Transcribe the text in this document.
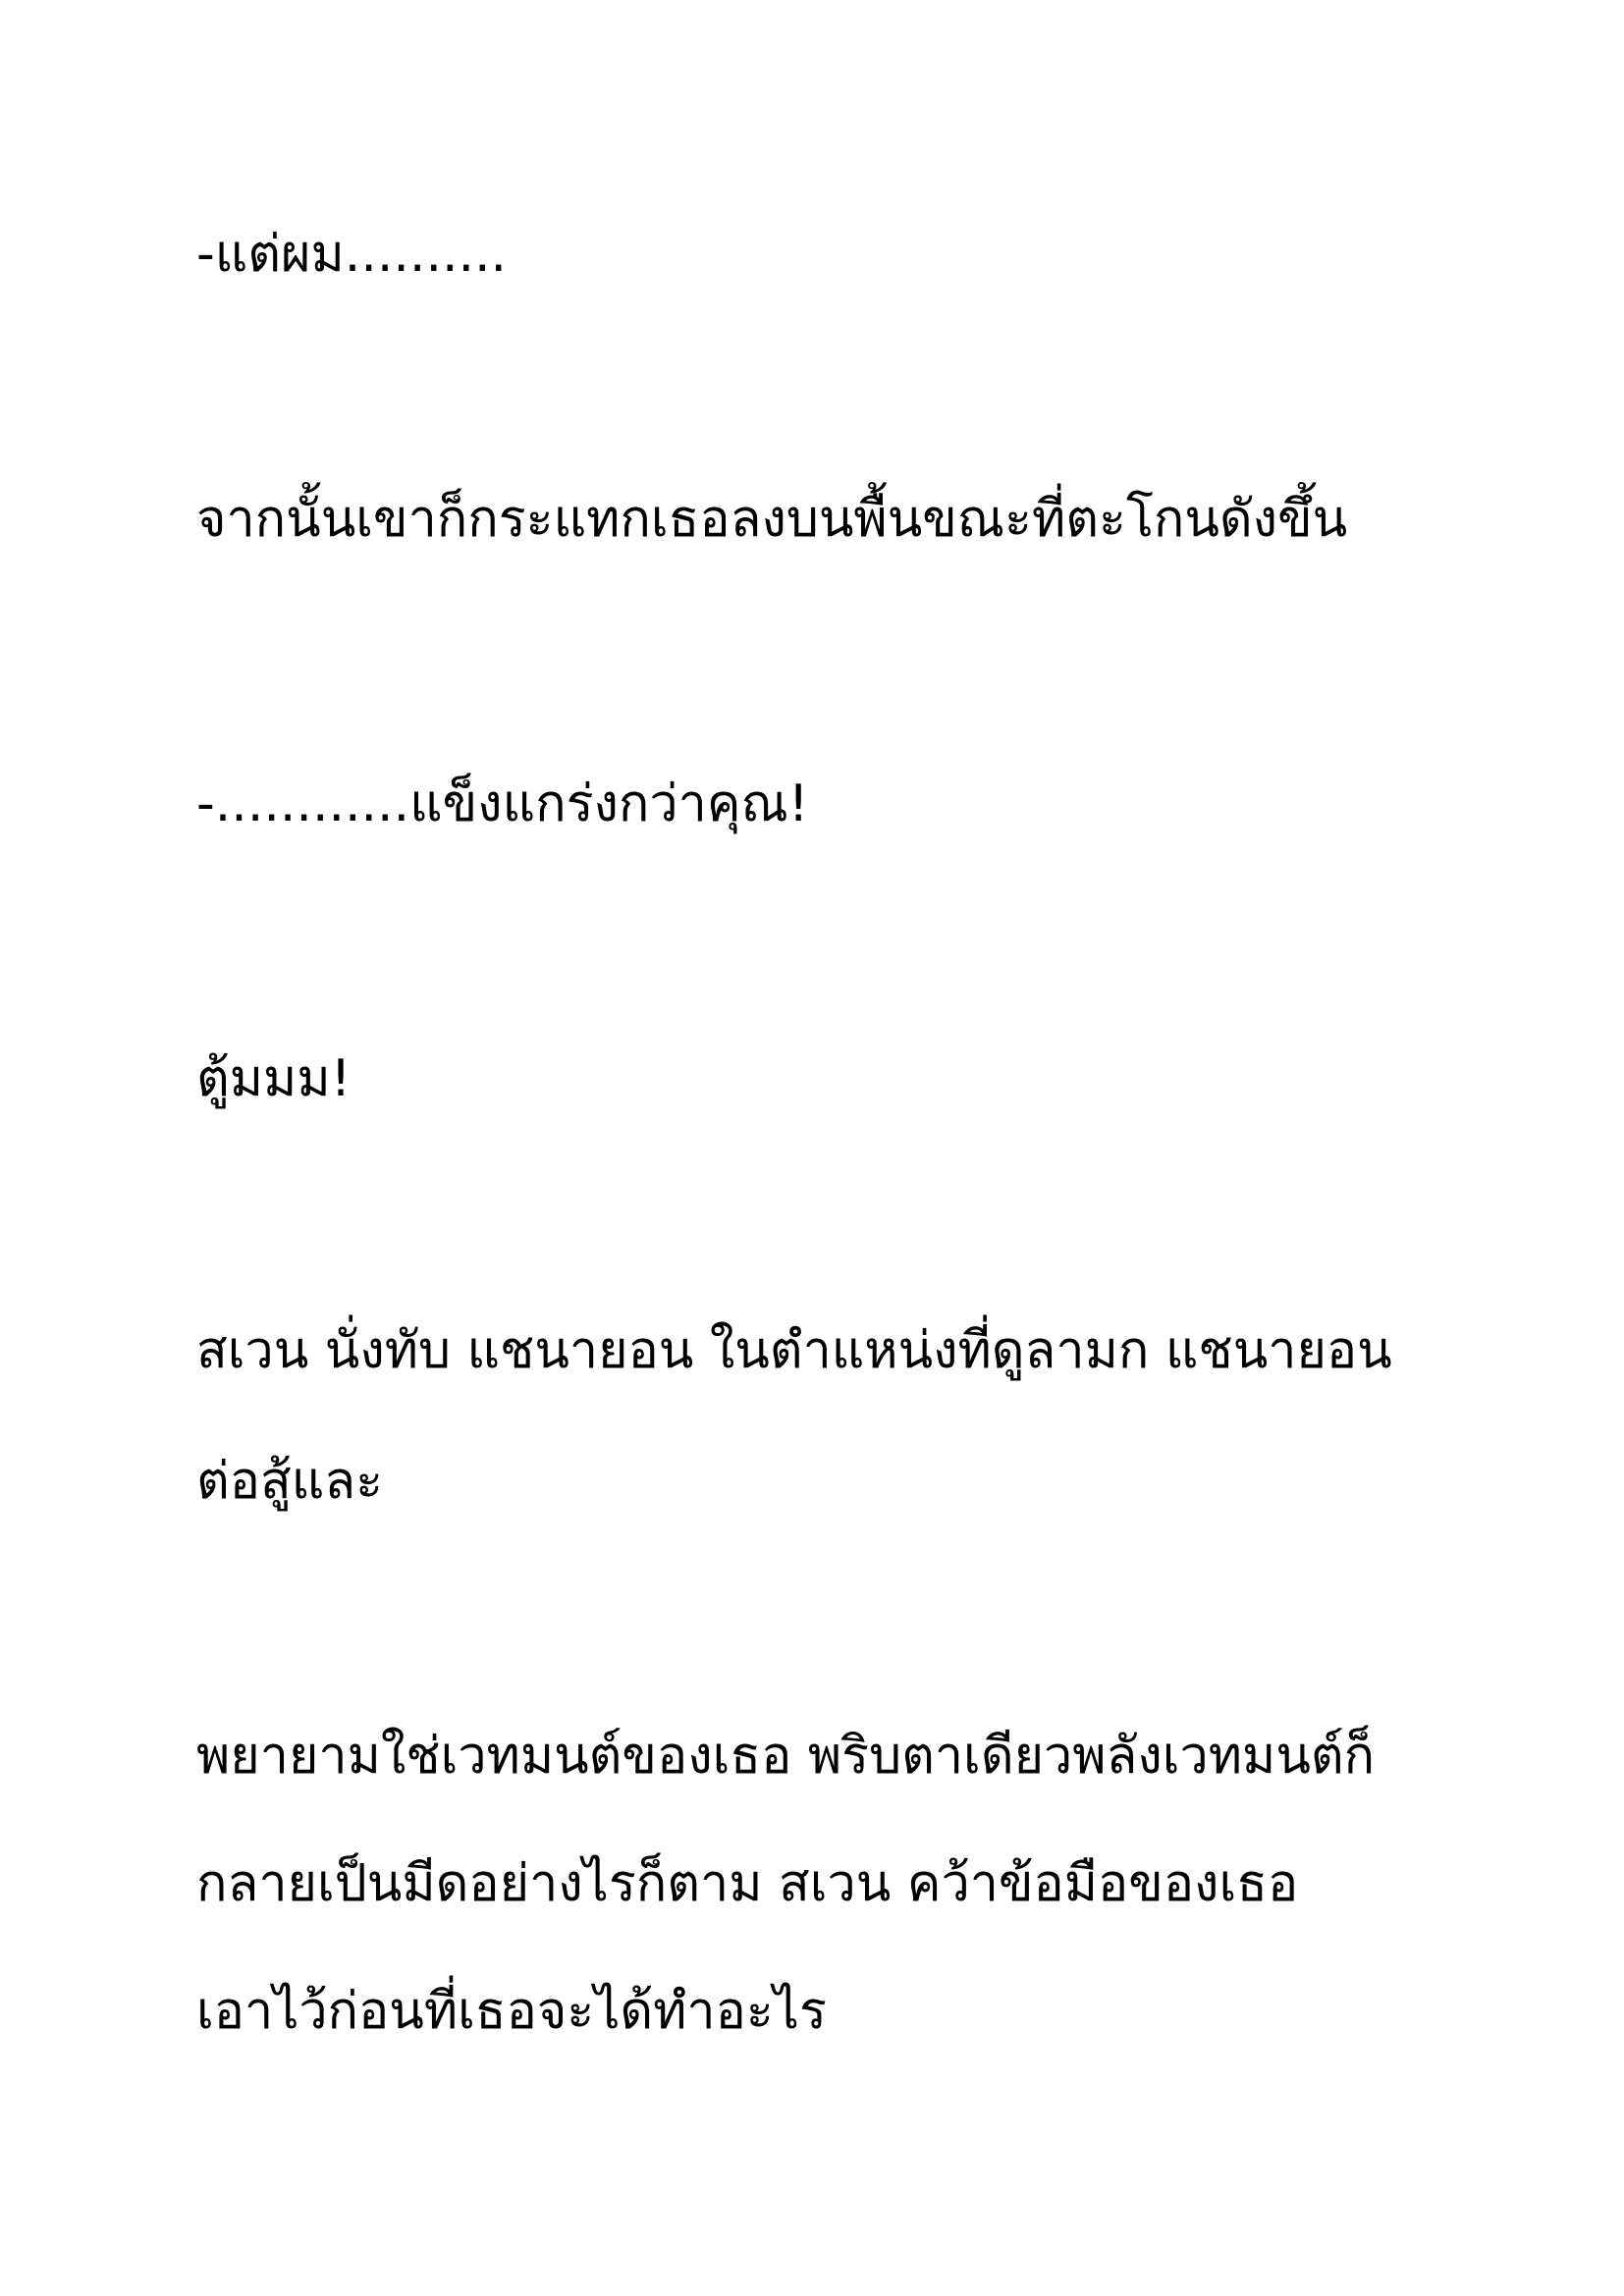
-แต่ผม..........

จากนั้นเขาก็กระแทกเธอลงบนพื้นขณะที่ตะโกนดังขึ้น

-............แข็งแกร่งกว่าคุณ!

ตู้มมม!

สเวน นั่งทับ แชนายอน ในตำแหน่งที่ดูลามก แชนายอน

ต่อสู้และ

พยายามใช่เวทมนต์ของเธอ พริบตาเดียวพลังเวทมนต์ก็

กลายเป็นมีดอย่างไรก็ตาม สเวน คว้าข้อมือของเธอ

เอาไว้ก่อนที่เธอจะได้ทำอะไร
